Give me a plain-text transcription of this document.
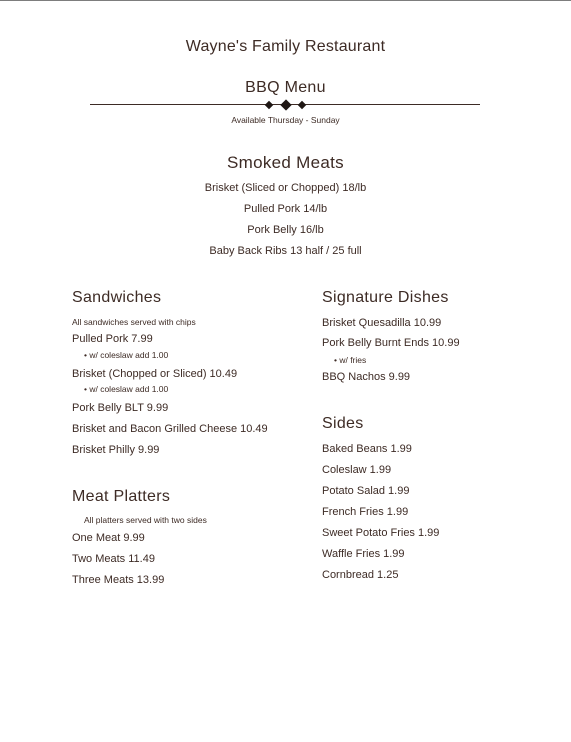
Wayne's Family Restaurant
BBQ Menu

Available Thursday - Sunday
Smoked Meats
Brisket (Sliced or Chopped) 18/lb
Pulled Pork 14/lb
Pork Belly 16/lb
Baby Back Ribs 13 half / 25 full
Sandwiches
All sandwiches served with chips
Pulled Pork 7.99
• w/ coleslaw add 1.00
Brisket (Chopped or Sliced) 10.49
• w/ coleslaw add 1.00
Pork Belly BLT 9.99
Brisket and Bacon Grilled Cheese 10.49
Brisket Philly 9.99
Meat Platters
All platters served with two sides
One Meat 9.99
Two Meats 11.49
Three Meats 13.99
Signature Dishes
Brisket Quesadilla 10.99
Pork Belly Burnt Ends 10.99
• w/ fries
BBQ Nachos 9.99
Sides
Baked Beans 1.99
Coleslaw 1.99
Potato Salad 1.99
French Fries 1.99
Sweet Potato Fries 1.99
Waffle Fries 1.99
Cornbread 1.25
